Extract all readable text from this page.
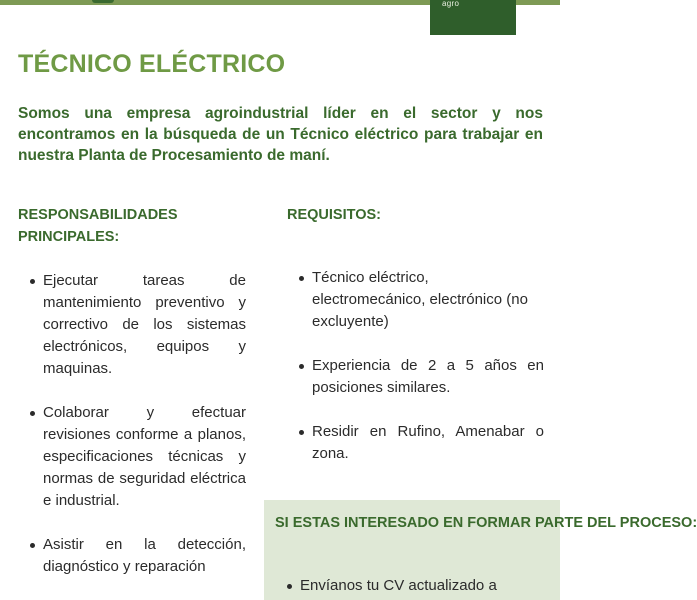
agro
TÉCNICO ELÉCTRICO

Somos una empresa agroindustrial líder en el sector y nos encontramos en la búsqueda de un Técnico eléctrico para trabajar en nuestra Planta de Procesamiento de maní.

RESPONSABILIDADES PRINCIPALES:
REQUISITOS:
Ejecutar tareas de mantenimiento preventivo y correctivo de los sistemas electrónicos, equipos y maquinas.
Colaborar y efectuar revisiones conforme a planos, especificaciones técnicas y normas de seguridad eléctrica e industrial.
Asistir en la detección, diagnóstico y reparación
Técnico eléctrico, electromecánico, electrónico (no excluyente)
Experiencia de 2 a 5 años en posiciones similares.
Residir en Rufino, Amenabar o zona.
SI ESTAS INTERESADO EN FORMAR PARTE DEL PROCESO:
Envíanos tu CV actualizado a
